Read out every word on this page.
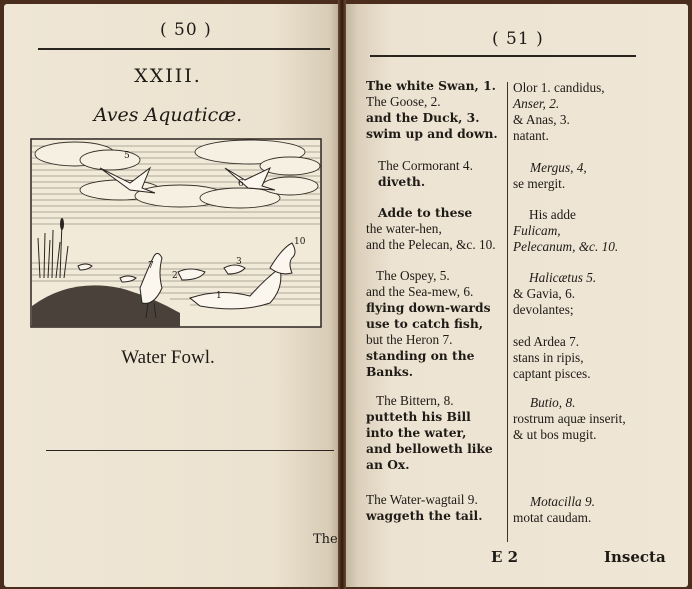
( 50 )
XXIII.
Aves Aquaticæ.
5
6
10
7
2
3
1
Water Fowl.
The
( 51 )
The white Swan, 1.
The Goose, 2.
and the Duck, 3.
swim up and down.
Olor 1. candidus,
Anser, 2.
& Anas, 3.
natant.
The Cormorant 4.
diveth.
Mergus, 4,
se mergit.
Adde to these
the water-hen,
and the Pelecan, &c. 10.
His adde
Fulicam,
Pelecanum, &c. 10.
The Ospey, 5.
and the Sea-mew, 6.
flying down-wards
use to catch fish,
but the Heron 7.
standing on the
Banks.
Halicætus 5.
& Gavia, 6.
devolantes;
sed Ardea 7.
stans in ripis,
captant pisces.
The Bittern, 8.
putteth his Bill
into the water,
and belloweth like
an Ox.
Butio, 8.
rostrum aquæ inserit,
& ut bos mugit.
The Water-wagtail 9.
waggeth the tail.
Motacilla 9.
motat caudam.
E 2	Insecta
